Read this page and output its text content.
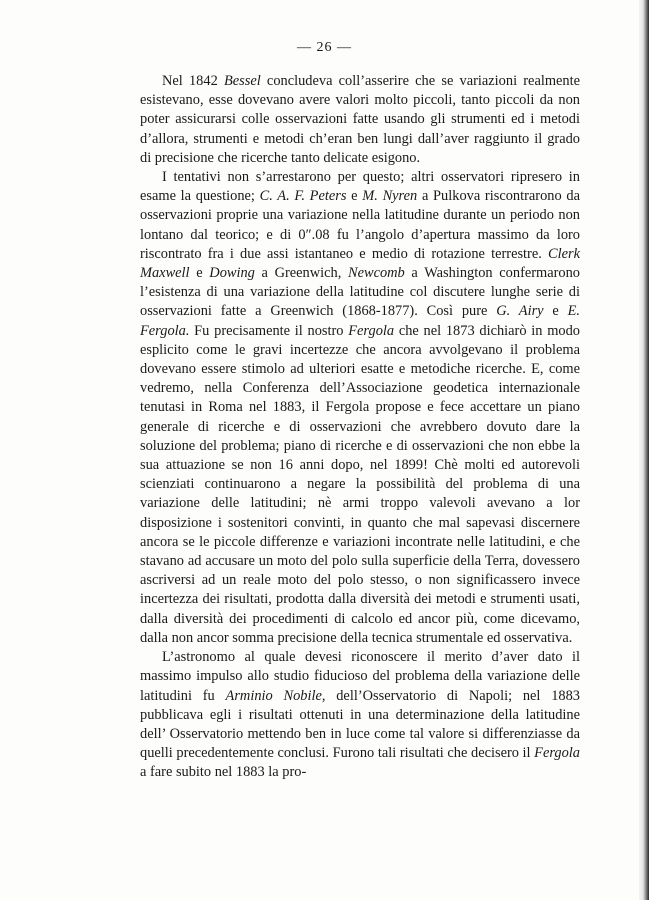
— 26 —

Nel 1842 Bessel concludeva coll’asserire che se variazioni realmente esistevano, esse dovevano avere valori molto piccoli, tanto piccoli da non poter assicurarsi colle osservazioni fatte usando gli strumenti ed i metodi d’allora, strumenti e metodi ch’eran ben lungi dall’aver raggiunto il grado di precisione che ricerche tanto delicate esigono.

I tentativi non s’arrestarono per questo; altri osservatori ripresero in esame la questione; C. A. F. Peters e M. Nyren a Pulkova riscontrarono da osservazioni proprie una variazione nella latitudine durante un periodo non lontano dal teorico; e di 0″.08 fu l’angolo d’apertura massimo da loro riscontrato fra i due assi istantaneo e medio di rotazione terrestre. Clerk Maxwell e Dowing a Greenwich, Newcomb a Washington confermarono l’esistenza di una variazione della latitudine col discutere lunghe serie di osservazioni fatte a Greenwich (1868-1877). Così pure G. Airy e E. Fergola. Fu precisamente il nostro Fergola che nel 1873 dichiarò in modo esplicito come le gravi incertezze che ancora avvolgevano il problema dovevano essere stimolo ad ulteriori esatte e metodiche ricerche. E, come vedremo, nella Conferenza dell’Associazione geodetica internazionale tenutasi in Roma nel 1883, il Fergola propose e fece accettare un piano generale di ricerche e di osservazioni che avrebbero dovuto dare la soluzione del problema; piano di ricerche e di osservazioni che non ebbe la sua attuazione se non 16 anni dopo, nel 1899! Chè molti ed autorevoli scienziati continuarono a negare la possibilità del problema di una variazione delle latitudini; nè armi troppo valevoli avevano a lor disposizione i sostenitori convinti, in quanto che mal sapevasi discernere ancora se le piccole differenze e variazioni incontrate nelle latitudini, e che stavano ad accusare un moto del polo sulla superficie della Terra, dovessero ascriversi ad un reale moto del polo stesso, o non significassero invece incertezza dei risultati, prodotta dalla diversità dei metodi e strumenti usati, dalla diversità dei procedimenti di calcolo ed ancor più, come dicevamo, dalla non ancor somma precisione della tecnica strumentale ed osservativa.

L’astronomo al quale devesi riconoscere il merito d’aver dato il massimo impulso allo studio fiducioso del problema della variazione delle latitudini fu Arminio Nobile, dell’Osservatorio di Napoli; nel 1883 pubblicava egli i risultati ottenuti in una determinazione della latitudine dell’ Osservatorio mettendo ben in luce come tal valore si differenziasse da quelli precedentemente conclusi. Furono tali risultati che decisero il Fergola a fare subito nel 1883 la pro-
